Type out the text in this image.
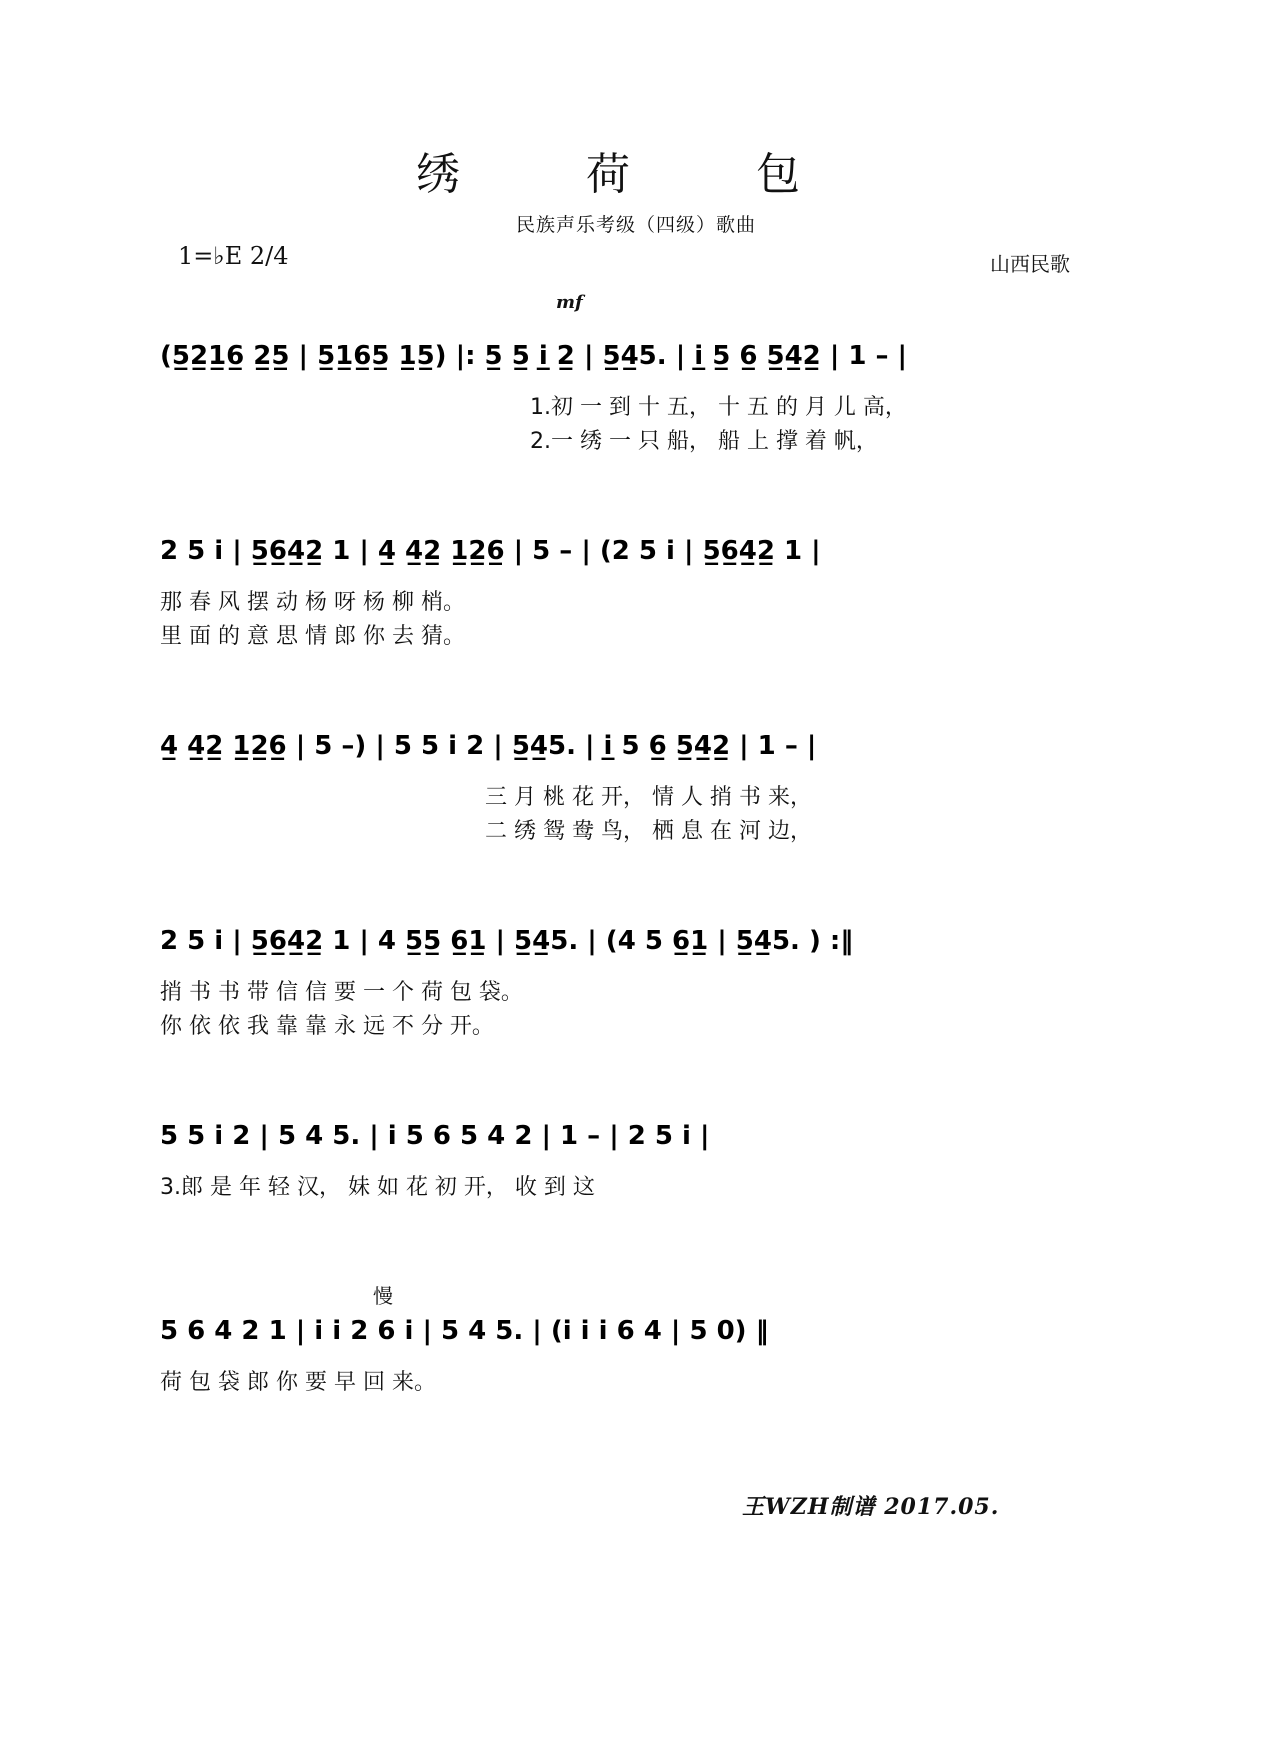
绣 荷 包
民族声乐考级（四级）歌曲
1=♭E 2/4	山西民歌
mf
慢
(5̲2̲1̲6̲ 2̲5̲ | 5̲1̲6̲5̲ 1̲5̲) |: 5̲ 5̲ i̲ 2̲ | 5̲4̲5. | i̲ 5̲ 6̲ 5̲4̲2̲ | 1 – |
1.初 一 到 十 五， 十 五 的 月 儿 高，
2.一 绣 一 只 船， 船 上 撑 着 帆，
2 5 i | 5̲6̲4̲2̲ 1 | 4̲ 4̲2̲ 1̲2̲6̲ | 5 – | (2 5 i | 5̲6̲4̲2̲ 1 |
那 春 风 摆 动 杨 呀 杨 柳 梢。
里 面 的 意 思 情 郎 你 去 猜。
4̲ 4̲2̲ 1̲2̲6̲ | 5 –) | 5 5 i 2 | 5̲4̲5. | i̲ 5 6̲ 5̲4̲2̲ | 1 – |
三 月 桃 花 开， 情 人 捎 书 来，
二 绣 鸳 鸯 鸟， 栖 息 在 河 边，
2 5 i | 5̲6̲4̲2̲ 1 | 4 5̲5̲ 6̲1̲ | 5̲4̲5. | (4 5 6̲1̲ | 5̲4̲5. ) :‖
捎 书 书 带 信 信 要 一 个 荷 包 袋。
你 依 依 我 靠 靠 永 远 不 分 开。
5 5 i 2 | 5 4 5. | i 5 6 5 4 2 | 1 – | 2 5 i |
3.郎 是 年 轻 汉， 妹 如 花 初 开， 收 到 这
5 6 4 2 1 | i i 2 6 i | 5 4 5. | (i i i 6 4 | 5 0) ‖
荷 包 袋 郎 你 要 早 回 来。
王WZH制谱 2017.05.
